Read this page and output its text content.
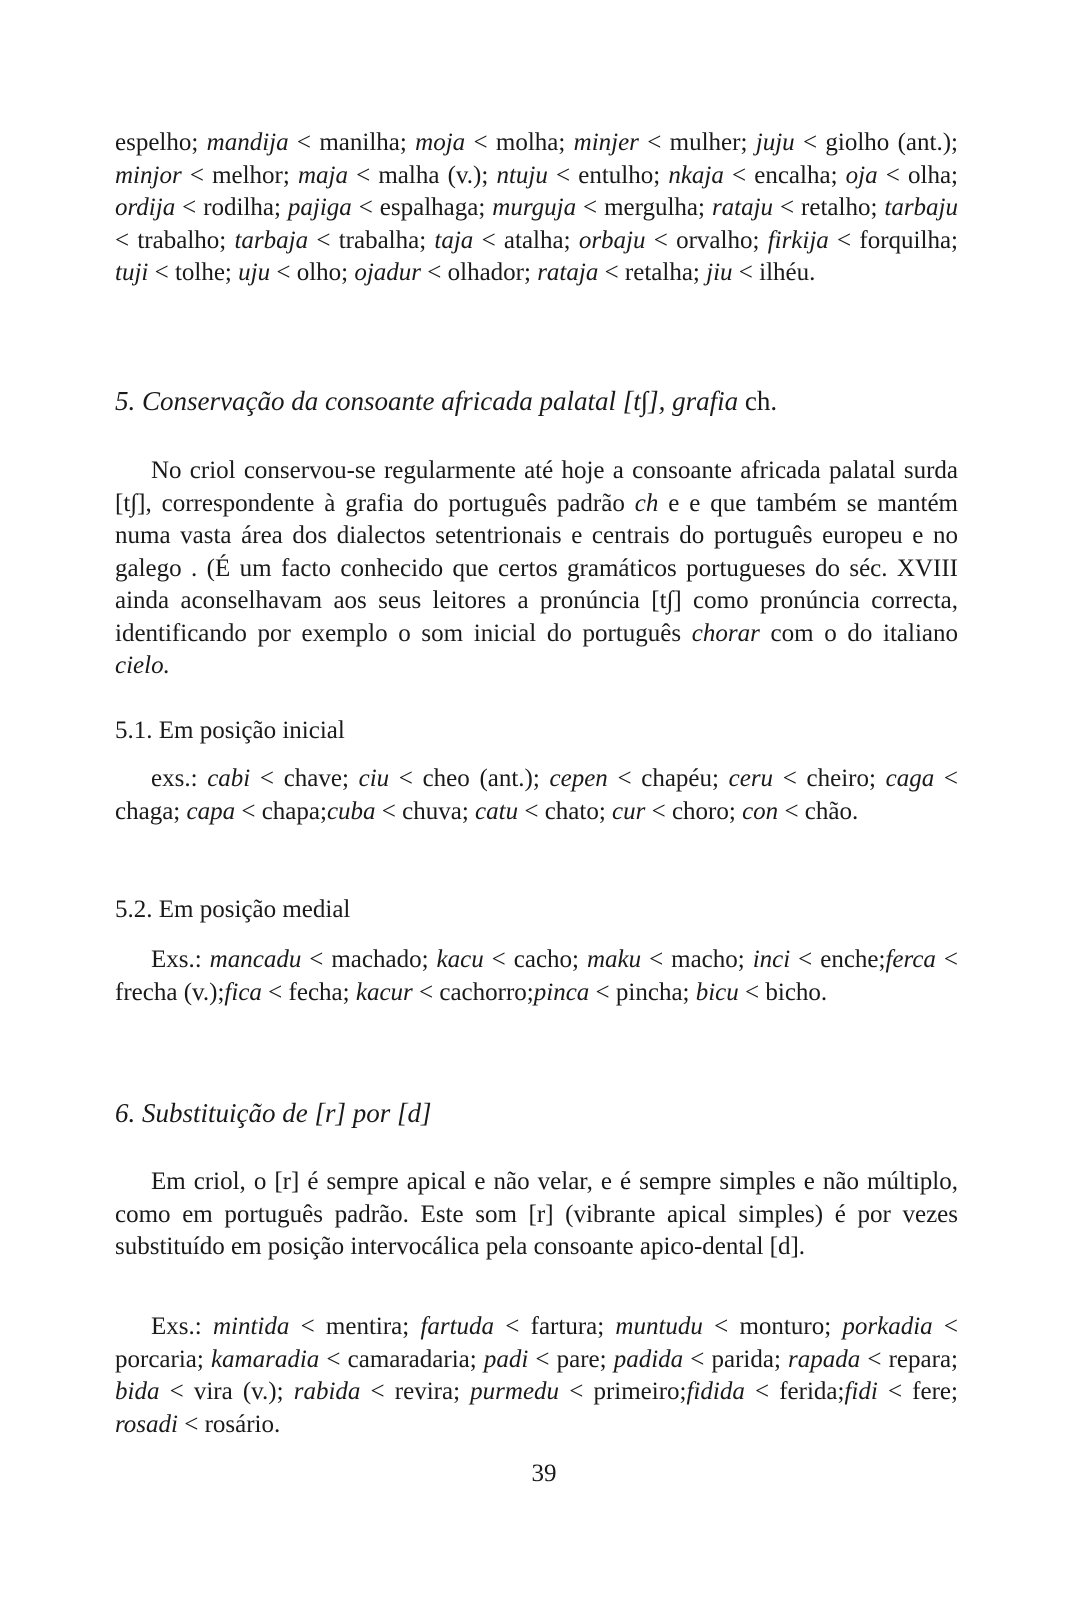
espelho; mandija < manilha; moja < molha; minjer < mulher; juju < giolho (ant.); minjor < melhor; maja < malha (v.); ntuju < entulho; nkaja < encalha; oja < olha; ordija < rodilha; pajiga < espalhaga; murguja < mergulha; rataju < retalho; tarbaju < trabalho; tarbaja < trabalha; taja < atalha; orbaju < orvalho; firkija < forquilha; tuji < tolhe; uju < olho; ojadur < olhador; rataja < retalha; jiu < ilhéu.

5. Conservação da consoante africada palatal [t∫], grafia ch.

No criol conservou-se regularmente até hoje a consoante africada palatal surda [t∫], correspondente à grafia do português padrão ch e e que também se mantém numa vasta área dos dialectos setentrionais e centrais do português europeu e no galego . (É um facto conhecido que certos gramáticos portugueses do séc. XVIII ainda aconselhavam aos seus leitores a pronúncia [t∫] como pronúncia correcta, identificando por exemplo o som inicial do português chorar com o do italiano cielo.

5.1. Em posição inicial

exs.: cabi < chave; ciu < cheo (ant.); cepen < chapéu; ceru < cheiro; caga < chaga; capa < chapa;cuba < chuva; catu < chato; cur < choro; con < chão.

5.2. Em posição medial

Exs.: mancadu < machado; kacu < cacho; maku < macho; inci < enche;ferca < frecha (v.);fica < fecha; kacur < cachorro;pinca < pincha; bicu < bicho.

6. Substituição de [r] por [d]

Em criol, o [r] é sempre apical e não velar, e é sempre simples e não múltiplo, como em português padrão. Este som [r] (vibrante apical simples) é por vezes substituído em posição intervocálica pela consoante apico-dental [d].

Exs.: mintida < mentira; fartuda < fartura; muntudu < monturo; porkadia < porcaria; kamaradia < camaradaria; padi < pare; padida < parida; rapada < repara; bida < vira (v.); rabida < revira; purmedu < primeiro;fidida < ferida;fidi < fere; rosadi < rosário.

39
